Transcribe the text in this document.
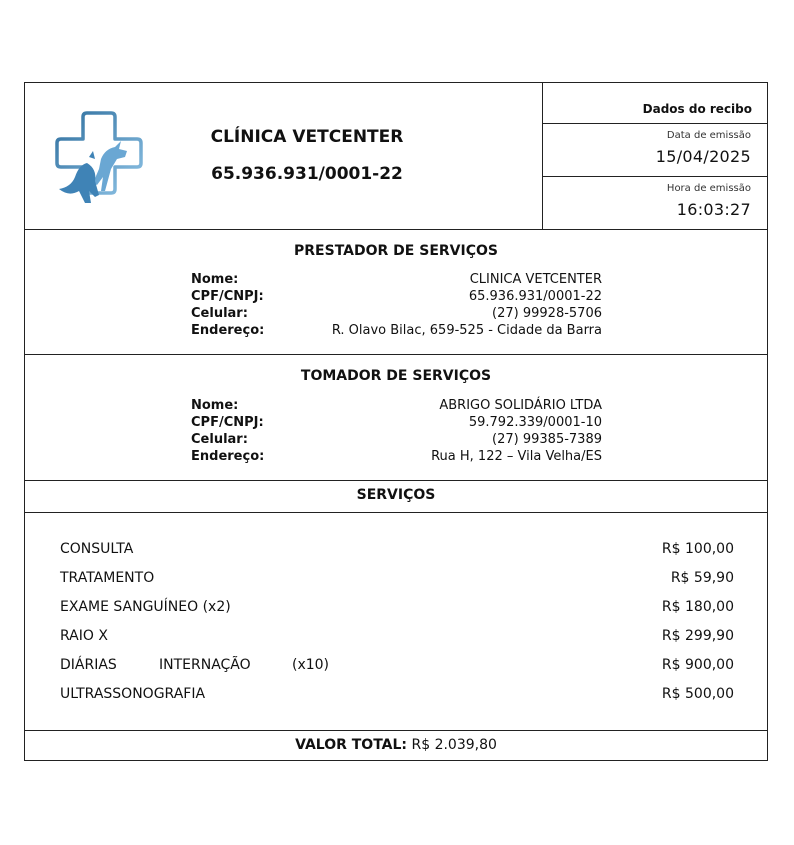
CLÍNICA VETCENTER
65.936.931/0001-22
Dados do recibo
Data de emissão
15/04/2025
Hora de emissão
16:03:27
PRESTADOR DE SERVIÇOS
Nome:	CLINICA VETCENTER
CPF/CNPJ:	65.936.931/0001-22
Celular:	(27) 99928-5706
Endereço:	R. Olavo Bilac, 659-525 - Cidade da Barra
TOMADOR DE SERVIÇOS
Nome:	ABRIGO SOLIDÁRIO LTDA
CPF/CNPJ:	59.792.339/0001-10
Celular:	(27) 99385-7389
Endereço:	Rua H, 122 – Vila Velha/ES
SERVIÇOS
CONSULTA	R$ 100,00
TRATAMENTO	R$ 59,90
EXAME SANGUÍNEO (x2)	R$ 180,00
RAIO X	R$ 299,90
DIÁRIAS	INTERNAÇÃO	(x10)	R$ 900,00
ULTRASSONOGRAFIA	R$ 500,00
VALOR TOTAL: R$ 2.039,80
